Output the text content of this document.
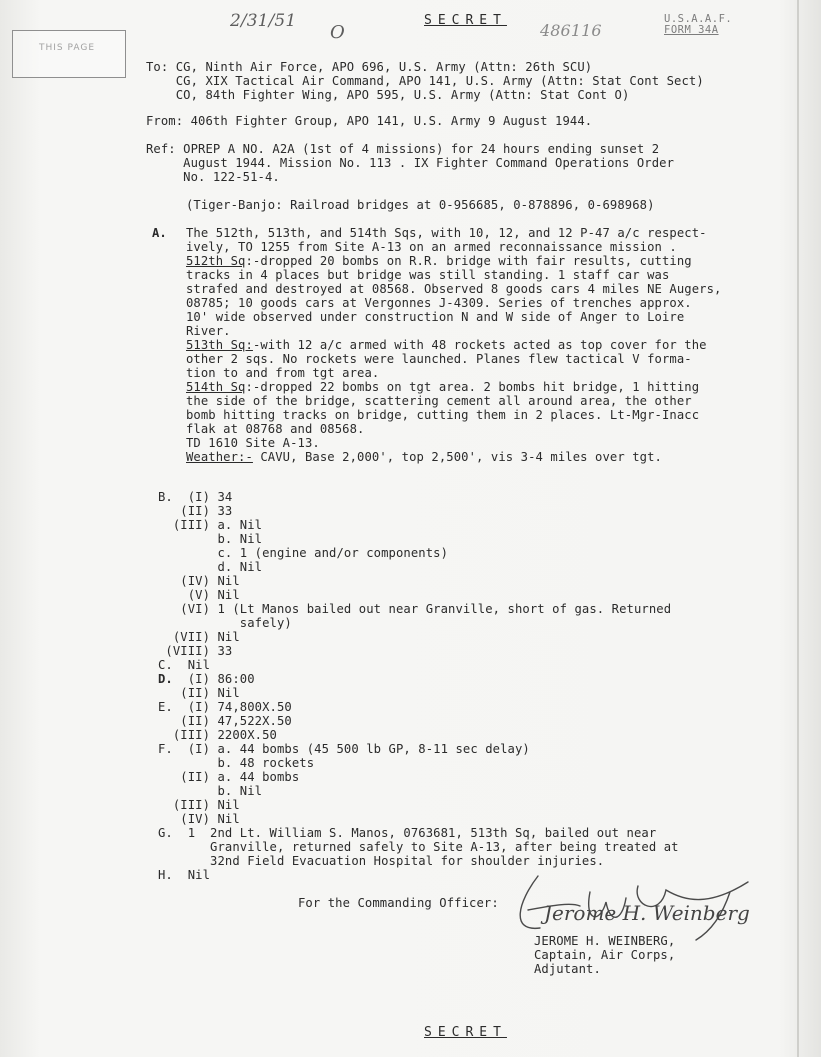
THIS PAGE
2/31/51
O
SECRET
486116
U.S.A.A.F.
FORM 34A
To: CG, Ninth Air Force, APO 696, U.S. Army (Attn: 26th SCU)
CG, XIX Tactical Air Command, APO 141, U.S. Army (Attn: Stat Cont Sect)
CO, 84th Fighter Wing, APO 595, U.S. Army (Attn: Stat Cont O)
From: 406th Fighter Group, APO 141, U.S. Army 9 August 1944.
Ref: OPREP A NO. A2A (1st of 4 missions) for 24 hours ending sunset 2
August 1944. Mission No. 113 . IX Fighter Command Operations Order
No. 122-51-4.
(Tiger-Banjo: Railroad bridges at 0-956685, 0-878896, 0-698968)
A. The 512th, 513th, and 514th Sqs, with 10, 12, and 12 P-47 a/c respect-
ively, TO 1255 from Site A-13 on an armed reconnaissance mission .
512th Sq:-dropped 20 bombs on R.R. bridge with fair results, cutting
tracks in 4 places but bridge was still standing. 1 staff car was
strafed and destroyed at 08568. Observed 8 goods cars 4 miles NE Augers,
08785; 10 goods cars at Vergonnes J-4309. Series of trenches approx.
10' wide observed under construction N and W side of Anger to Loire
River.
513th Sq:-with 12 a/c armed with 48 rockets acted as top cover for the
other 2 sqs. No rockets were launched. Planes flew tactical V forma-
tion to and from tgt area.
514th Sq:-dropped 22 bombs on tgt area. 2 bombs hit bridge, 1 hitting
the side of the bridge, scattering cement all around area, the other
bomb hitting tracks on bridge, cutting them in 2 places. Lt-Mgr-Inacc
flak at 08768 and 08568.
TD 1610 Site A-13.
Weather:- CAVU, Base 2,000', top 2,500', vis 3-4 miles over tgt.
B.  (I) 34
(II) 33
(III) a. Nil
b. Nil
c. 1 (engine and/or components)
d. Nil
(IV) Nil
(V) Nil
(VI) 1 (Lt Manos bailed out near Granville, short of gas. Returned
safely)
(VII) Nil
(VIII) 33
C.  Nil
D.  (I) 86:00
(II) Nil
E.  (I) 74,800X.50
(II) 47,522X.50
(III) 2200X.50
F.  (I) a. 44 bombs (45 500 lb GP, 8-11 sec delay)
b. 48 rockets
(II) a. 44 bombs
b. Nil
(III) Nil
(IV) Nil
G.  1  2nd Lt. William S. Manos, 0763681, 513th Sq, bailed out near
Granville, returned safely to Site A-13, after being treated at
32nd Field Evacuation Hospital for shoulder injuries.
H.  Nil
For the Commanding Officer: Jerome H. Weinberg
JEROME H. WEINBERG,
Captain, Air Corps,
Adjutant.
SECRET
